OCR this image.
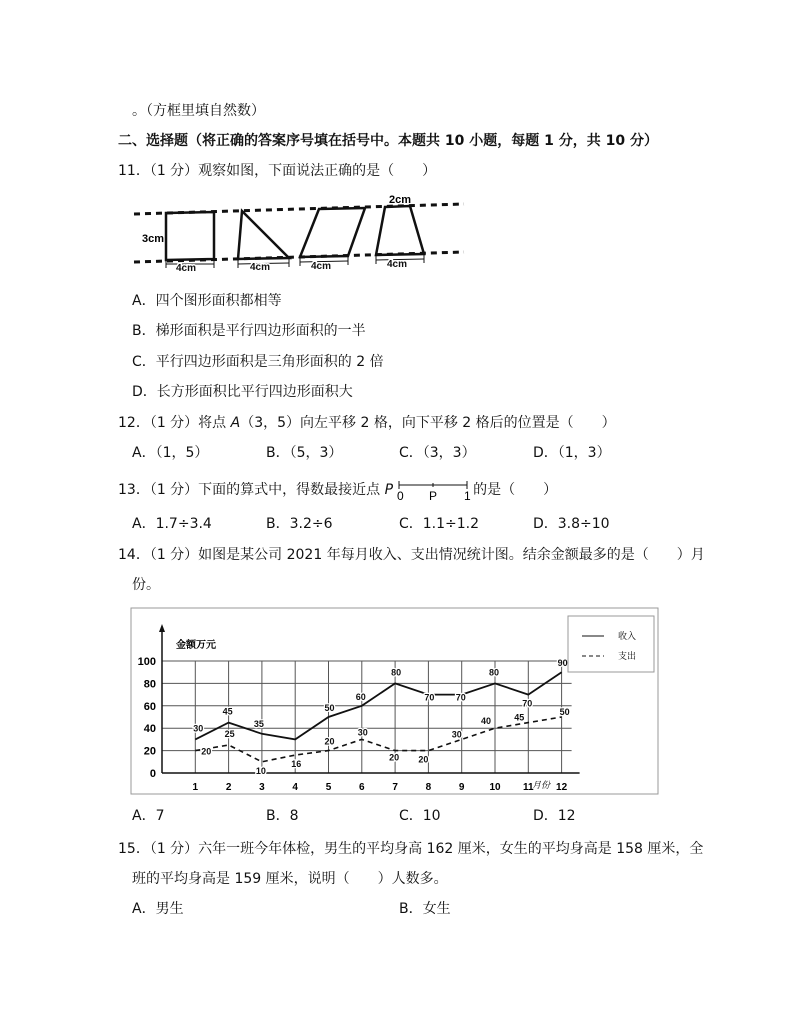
。（方框里填自然数）
二、选择题（将正确的答案序号填在括号中。本题共 10 小题，每题 1 分，共 10 分）
11．（1 分）观察如图，下面说法正确的是（　　）
3cm
2cm
4cm	4cm	4cm	4cm
A．四个图形面积都相等
B．梯形面积是平行四边形面积的一半
C．平行四边形面积是三角形面积的 2 倍
D．长方形面积比平行四边形面积大
12．（1 分）将点 A（3，5）向左平移 2 格，向下平移 2 格后的位置是（　　）
A．（1，5）	B．（5，3）	C．（3，3）	D．（1，3）
13．（1 分）下面的算式中，得数最接近点 P 0 P 1 的是（　　）
A．1.7÷3.4	B．3.2÷6	C．1.1÷1.2	D．3.8÷10
14．（1 分）如图是某公司 2021 年每月收入、支出情况统计图。结余金额最多的是（　　）月
份。
0
20
40
60
80
100
1	2	3	4	5	6	7	8	9 10 11 12
30
45
35
50
60
80
70 70
80
70
90
20
25
10
16
20
30
20 20
30
40	45
50
金额万元
月份
收入
支出
A．7	B．8	C．10	D．12
15．（1 分）六年一班今年体检，男生的平均身高 162 厘米，女生的平均身高是 158 厘米，全
班的平均身高是 159 厘米，说明（　　）人数多。
A．男生	B．女生
